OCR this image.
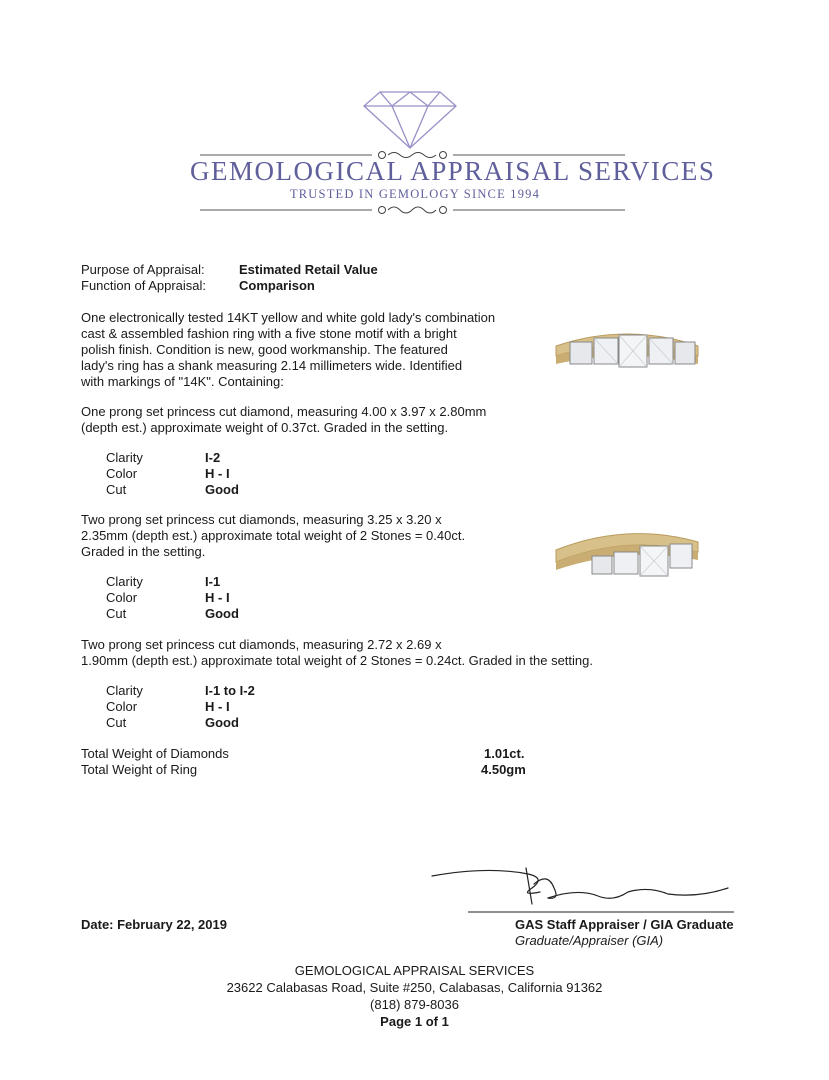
GEMOLOGICAL APPRAISAL SERVICES
TRUSTED IN GEMOLOGY SINCE 1994
Purpose of Appraisal:	Estimated Retail Value
Function of Appraisal:	Comparison
One electronically tested 14KT yellow and white gold lady's combination
cast & assembled fashion ring with a five stone motif with a bright
polish finish. Condition is new, good workmanship. The featured
lady's ring has a shank measuring 2.14 millimeters wide. Identified
with markings of "14K". Containing:
One prong set princess cut diamond, measuring 4.00 x 3.97 x 2.80mm
(depth est.) approximate weight of 0.37ct. Graded in the setting.
Clarity	I-2
Color	H - I
Cut	Good
Two prong set princess cut diamonds, measuring 3.25 x 3.20 x
2.35mm (depth est.) approximate total weight of 2 Stones = 0.40ct.
Graded in the setting.
Clarity	I-1
Color	H - I
Cut	Good
Two prong set princess cut diamonds, measuring 2.72 x 2.69 x
1.90mm (depth est.) approximate total weight of 2 Stones = 0.24ct. Graded in the setting.
Clarity	I-1 to I-2
Color	H - I
Cut	Good
Total Weight of Diamonds	1.01ct.
Total Weight of Ring	4.50gm
Date: February 22, 2019	GAS Staff Appraiser / GIA Graduate
Graduate/Appraiser (GIA)
GEMOLOGICAL APPRAISAL SERVICES
23622 Calabasas Road, Suite #250, Calabasas, California 91362
(818) 879-8036
Page 1 of 1
